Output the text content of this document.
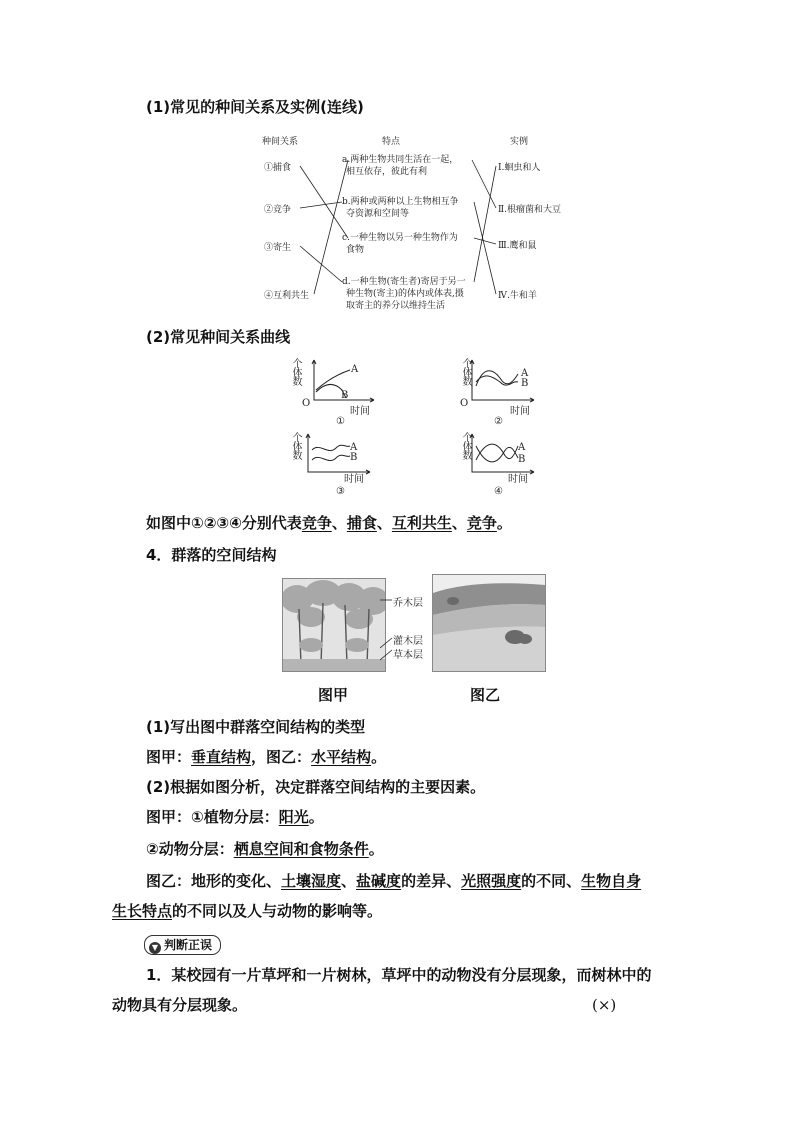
(1)常见的种间关系及实例(连线)
种间关系	特点	实例
①捕食
②竞争
③寄生
④互利共生
a.两种生物共同生活在一起，
相互依存，彼此有利
b.两种或两种以上生物相互争
夺资源和空间等
c.一种生物以另一种生物作为
食物
d.一种生物(寄生者)寄居于另一
种生物(寄主)的体内或体表,摄
取寄主的养分以维持生活
Ⅰ.蛔虫和人
Ⅱ.根瘤菌和大豆
Ⅲ.鹰和鼠
Ⅳ.牛和羊
(2)常见种间关系曲线
个体数
O
时间
A
B
①
个体数
O
时间
A
B
②
个体数
时间
A
B
③
个体数
时间
A
B
④
如图中①②③④分别代表竞争、捕食、互利共生、竞争。
4．群落的空间结构
乔木层
灌木层
草本层
图甲	图乙
(1)写出图中群落空间结构的类型
图甲：垂直结构，图乙：水平结构。
(2)根据如图分析，决定群落空间结构的主要因素。
图甲：①植物分层：阳光。
②动物分层：栖息空间和食物条件。
图乙：地形的变化、土壤湿度、盐碱度的差异、光照强度的不同、生物自身
生长特点的不同以及人与动物的影响等。
▼ 判断正误
1．某校园有一片草坪和一片树林，草坪中的动物没有分层现象，而树林中的
动物具有分层现象。	(×)
